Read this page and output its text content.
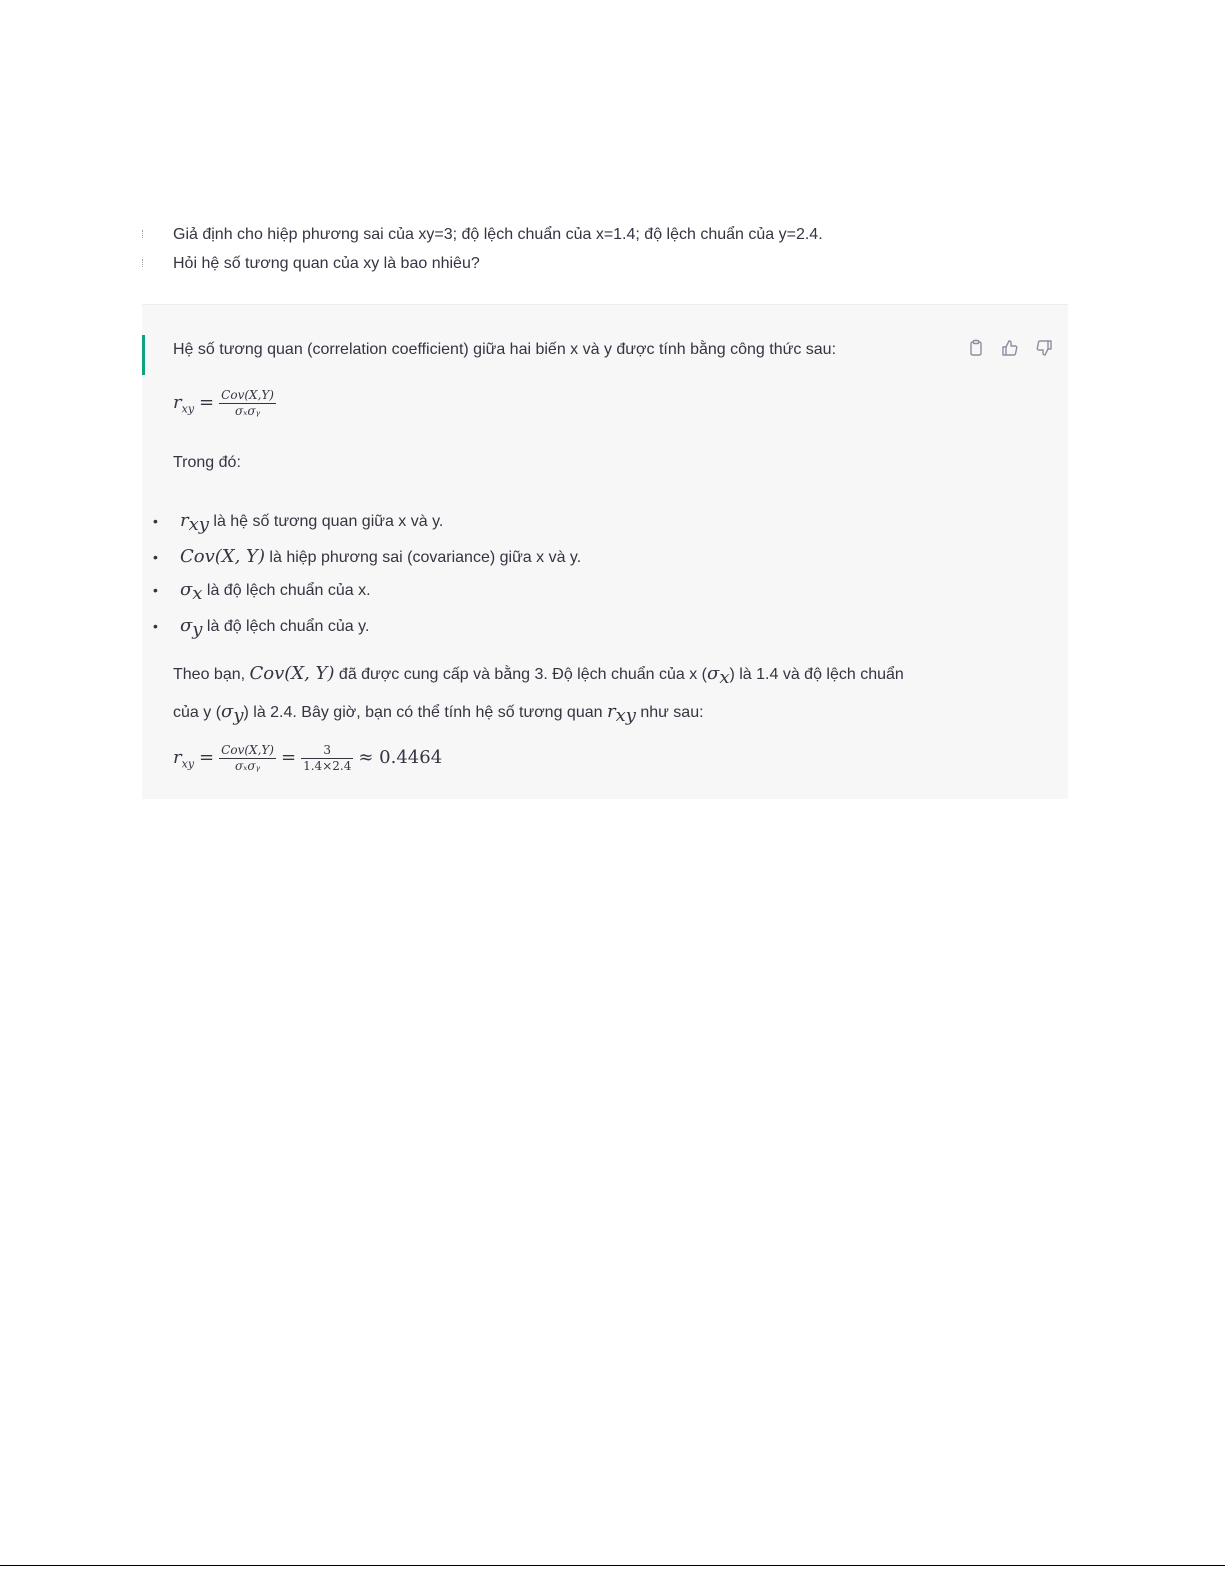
Giả định cho hiệp phương sai của xy=3; độ lệch chuẩn của x=1.4; độ lệch chuẩn của y=2.4.
Hỏi hệ số tương quan của xy là bao nhiêu?
Hệ số tương quan (correlation coefficient) giữa hai biến x và y được tính bằng công thức sau:
$r_{xy} = \frac{\text{Cov(X,Y)}}{\text{σₓσᵧ}}$
Trong đó:
• $r_{xy}$ là hệ số tương quan giữa x và y.
• Cov(X, Y) là hiệp phương sai (covariance) giữa x và y.
• $\sigma_x$ là độ lệch chuẩn của x.
• $\sigma_y$ là độ lệch chuẩn của y.
Theo bạn, Cov(X, Y) đã được cung cấp và bằng 3. Độ lệch chuẩn của x $(\sigma_x)$ là 1.4 và độ lệch chuẩn của y $(\sigma_y)$ là 2.4. Bây giờ, bạn có thể tính hệ số tương quan $r_{xy}$ như sau:
$r_{xy} = \frac{\text{Cov(X,Y)}}{\text{σₓσᵧ}} = \frac{3}{1.4\times 2.4} \approx 0.4464$
